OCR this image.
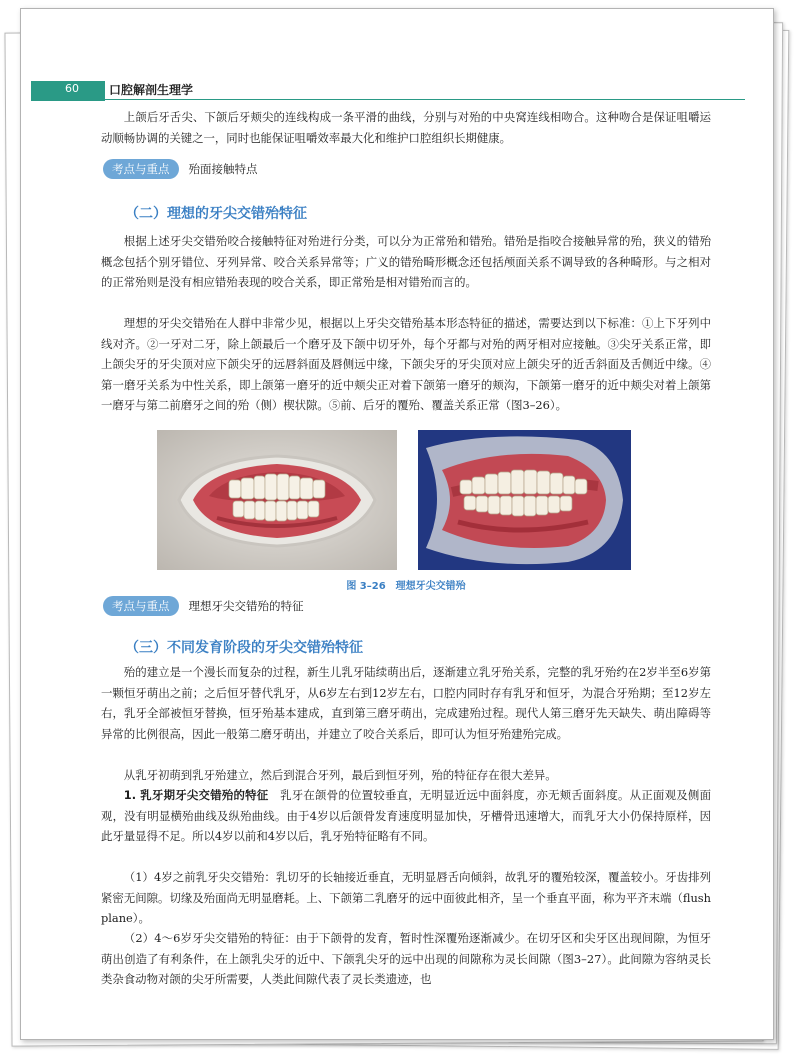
60	口腔解剖生理学
上颌后牙舌尖、下颌后牙颊尖的连线构成一条平滑的曲线，分别与对殆的中央窝连线相吻合。这种吻合是保证咀嚼运动顺畅协调的关键之一，同时也能保证咀嚼效率最大化和维护口腔组织长期健康。
考点与重点	殆面接触特点
（二）理想的牙尖交错殆特征
根据上述牙尖交错殆咬合接触特征对殆进行分类，可以分为正常殆和错殆。错殆是指咬合接触异常的殆，狭义的错殆概念包括个别牙错位、牙列异常、咬合关系异常等；广义的错殆畸形概念还包括颅面关系不调导致的各种畸形。与之相对的正常殆则是没有相应错殆表现的咬合关系，即正常殆是相对错殆而言的。
理想的牙尖交错殆在人群中非常少见，根据以上牙尖交错殆基本形态特征的描述，需要达到以下标准：①上下牙列中线对齐。②一牙对二牙，除上颌最后一个磨牙及下颌中切牙外，每个牙都与对殆的两牙相对应接触。③尖牙关系正常，即上颌尖牙的牙尖顶对应下颌尖牙的远唇斜面及唇侧远中缘，下颌尖牙的牙尖顶对应上颌尖牙的近舌斜面及舌侧近中缘。④第一磨牙关系为中性关系，即上颌第一磨牙的近中颊尖正对着下颌第一磨牙的颊沟，下颌第一磨牙的近中颊尖对着上颌第一磨牙与第二前磨牙之间的殆（侧）楔状隙。⑤前、后牙的覆殆、覆盖关系正常（图3–26）。
图 3–26　理想牙尖交错殆
考点与重点	理想牙尖交错殆的特征
（三）不同发育阶段的牙尖交错殆特征
殆的建立是一个漫长而复杂的过程，新生儿乳牙陆续萌出后，逐渐建立乳牙殆关系，完整的乳牙殆约在2岁半至6岁第一颗恒牙萌出之前；之后恒牙替代乳牙，从6岁左右到12岁左右，口腔内同时存有乳牙和恒牙，为混合牙殆期；至12岁左右，乳牙全部被恒牙替换，恒牙殆基本建成，直到第三磨牙萌出，完成建殆过程。现代人第三磨牙先天缺失、萌出障碍等异常的比例很高，因此一般第二磨牙萌出，并建立了咬合关系后，即可认为恒牙殆建殆完成。
从乳牙初萌到乳牙殆建立，然后到混合牙列，最后到恒牙列，殆的特征存在很大差异。
1. 乳牙期牙尖交错殆的特征　乳牙在颌骨的位置较垂直，无明显近远中面斜度，亦无颊舌面斜度。从正面观及侧面观，没有明显横殆曲线及纵殆曲线。由于4岁以后颌骨发育速度明显加快，牙槽骨迅速增大，而乳牙大小仍保持原样，因此牙量显得不足。所以4岁以前和4岁以后，乳牙殆特征略有不同。
（1）4岁之前乳牙尖交错殆：乳切牙的长轴接近垂直，无明显唇舌向倾斜，故乳牙的覆殆较深，覆盖较小。牙齿排列紧密无间隙。切缘及殆面尚无明显磨耗。上、下颌第二乳磨牙的远中面彼此相齐，呈一个垂直平面，称为平齐末端（flush plane）。
（2）4～6岁牙尖交错殆的特征：由于下颌骨的发育，暂时性深覆殆逐渐减少。在切牙区和尖牙区出现间隙，为恒牙萌出创造了有利条件，在上颌乳尖牙的近中、下颌乳尖牙的远中出现的间隙称为灵长间隙（图3–27）。此间隙为容纳灵长类杂食动物对颌的尖牙所需要，人类此间隙代表了灵长类遗迹，也
